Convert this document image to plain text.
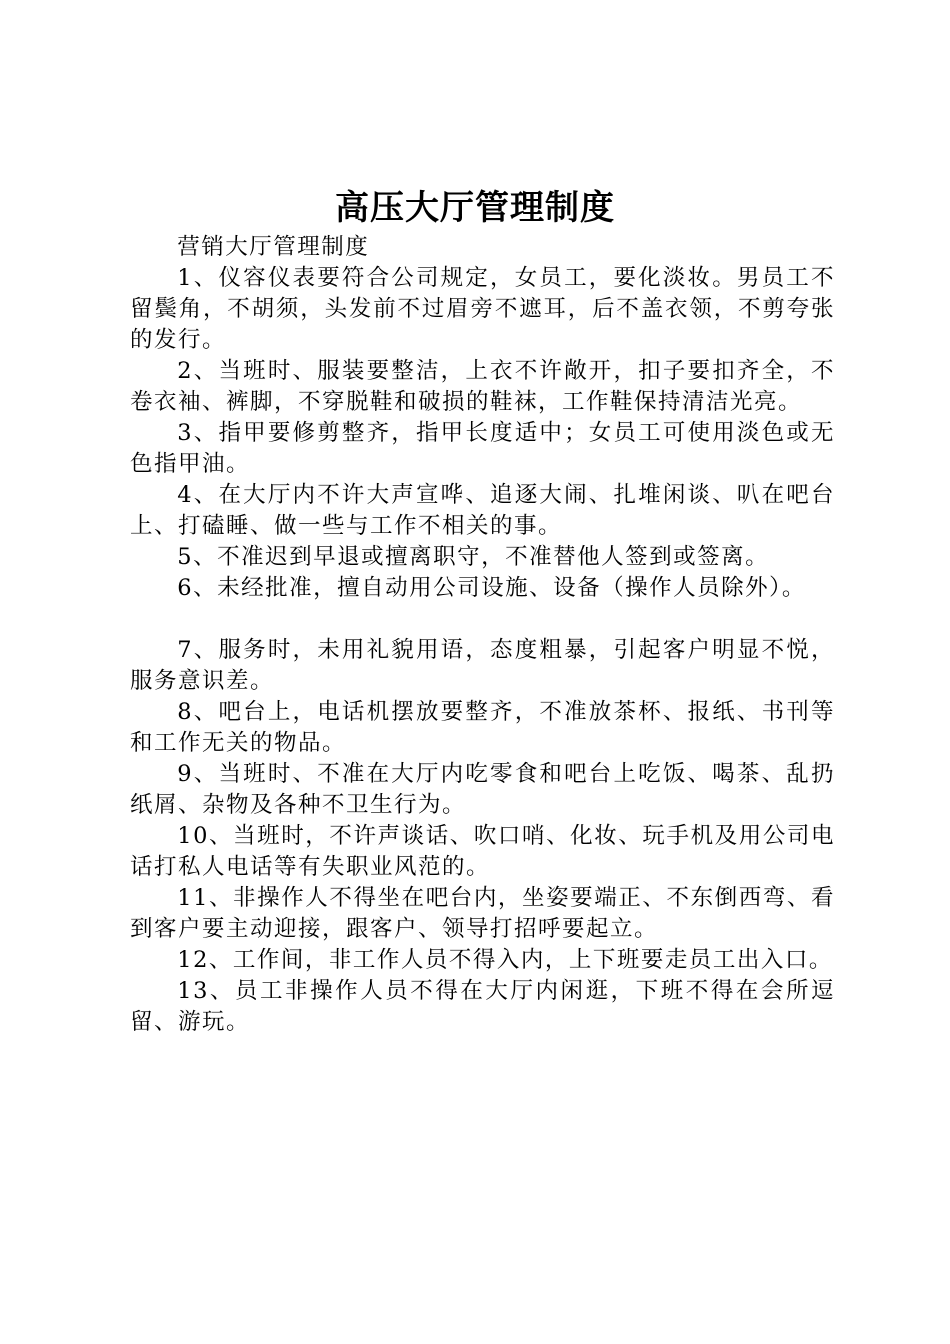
高压大厅管理制度

营销大厅管理制度

1、仪容仪表要符合公司规定，女员工，要化淡妆。男员工不留鬓角，不胡须，头发前不过眉旁不遮耳，后不盖衣领，不剪夸张的发行。

2、当班时、服装要整洁，上衣不许敞开，扣子要扣齐全，不卷衣袖、裤脚，不穿脱鞋和破损的鞋袜，工作鞋保持清洁光亮。

3、指甲要修剪整齐，指甲长度适中；女员工可使用淡色或无色指甲油。

4、在大厅内不许大声宣哗、追逐大闹、扎堆闲谈、叭在吧台上、打磕睡、做一些与工作不相关的事。

5、不准迟到早退或擅离职守，不准替他人签到或签离。

6、未经批准，擅自动用公司设施、设备（操作人员除外）。

7、服务时，未用礼貌用语，态度粗暴，引起客户明显不悦，服务意识差。

8、吧台上，电话机摆放要整齐，不准放茶杯、报纸、书刊等和工作无关的物品。

9、当班时、不准在大厅内吃零食和吧台上吃饭、喝茶、乱扔纸屑、杂物及各种不卫生行为。

10、当班时，不许声谈话、吹口哨、化妆、玩手机及用公司电话打私人电话等有失职业风范的。

11、非操作人不得坐在吧台内，坐姿要端正、不东倒西弯、看到客户要主动迎接，跟客户、领导打招呼要起立。

12、工作间，非工作人员不得入内，上下班要走员工出入口。

13、员工非操作人员不得在大厅内闲逛，下班不得在会所逗留、游玩。
